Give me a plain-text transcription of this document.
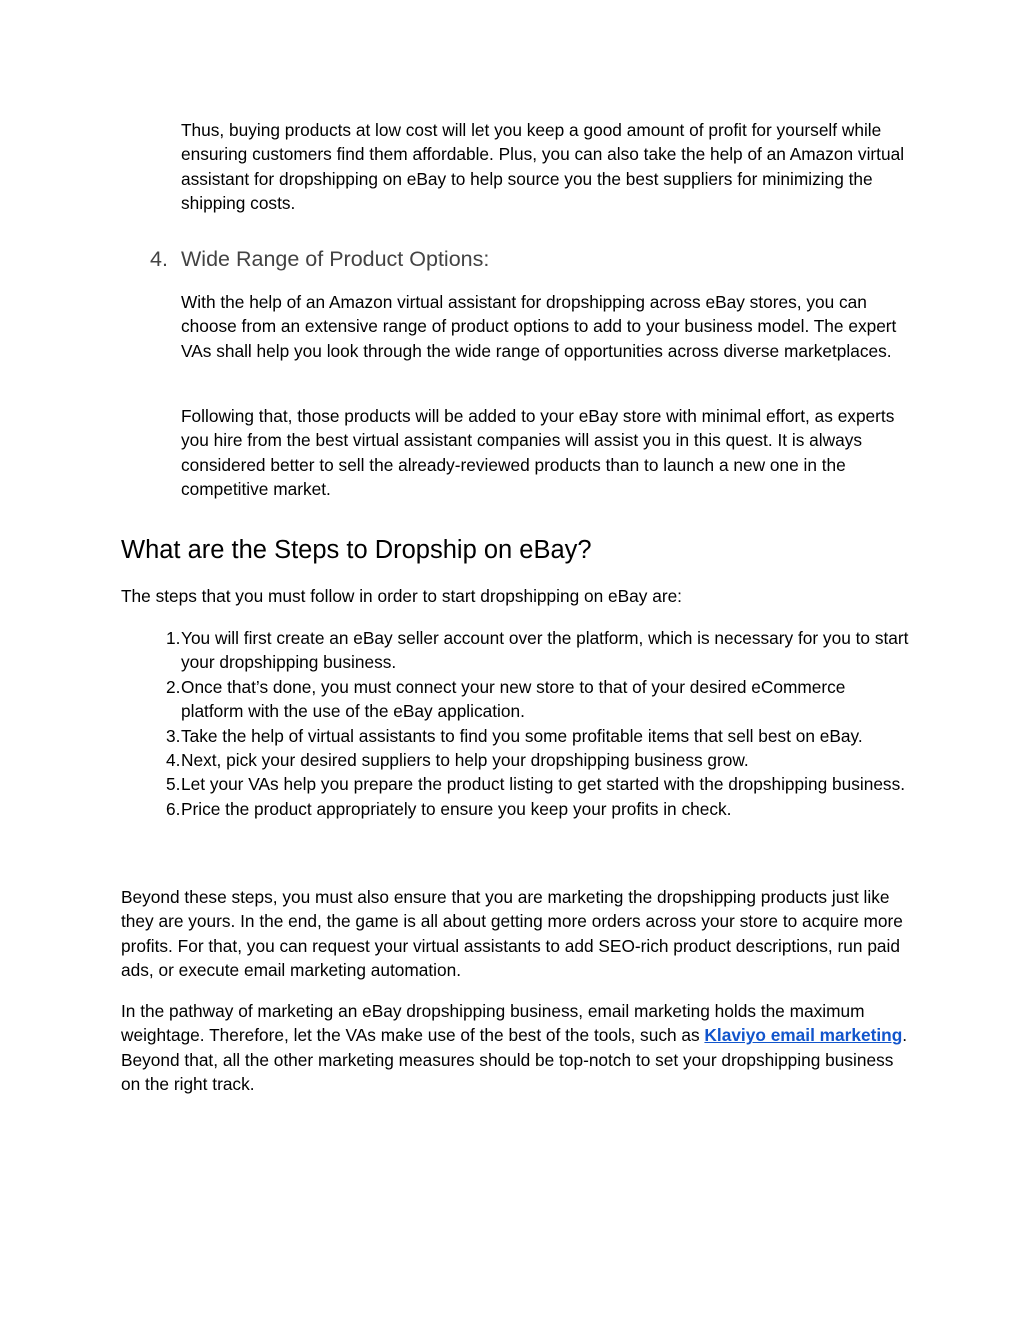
Thus, buying products at low cost will let you keep a good amount of profit for yourself while ensuring customers find them affordable. Plus, you can also take the help of an Amazon virtual assistant for dropshipping on eBay to help source you the best suppliers for minimizing the shipping costs.

4. Wide Range of Product Options:

With the help of an Amazon virtual assistant for dropshipping across eBay stores, you can choose from an extensive range of product options to add to your business model. The expert VAs shall help you look through the wide range of opportunities across diverse marketplaces.

Following that, those products will be added to your eBay store with minimal effort, as experts you hire from the best virtual assistant companies will assist you in this quest. It is always considered better to sell the already-reviewed products than to launch a new one in the competitive market.

What are the Steps to Dropship on eBay?

The steps that you must follow in order to start dropshipping on eBay are:

1. You will first create an eBay seller account over the platform, which is necessary for you to start your dropshipping business.
2. Once that’s done, you must connect your new store to that of your desired eCommerce platform with the use of the eBay application.
3. Take the help of virtual assistants to find you some profitable items that sell best on eBay.
4. Next, pick your desired suppliers to help your dropshipping business grow.
5. Let your VAs help you prepare the product listing to get started with the dropshipping business.
6. Price the product appropriately to ensure you keep your profits in check.

Beyond these steps, you must also ensure that you are marketing the dropshipping products just like they are yours. In the end, the game is all about getting more orders across your store to acquire more profits. For that, you can request your virtual assistants to add SEO-rich product descriptions, run paid ads, or execute email marketing automation.

In the pathway of marketing an eBay dropshipping business, email marketing holds the maximum weightage. Therefore, let the VAs make use of the best of the tools, such as Klaviyo email marketing. Beyond that, all the other marketing measures should be top-notch to set your dropshipping business on the right track.
